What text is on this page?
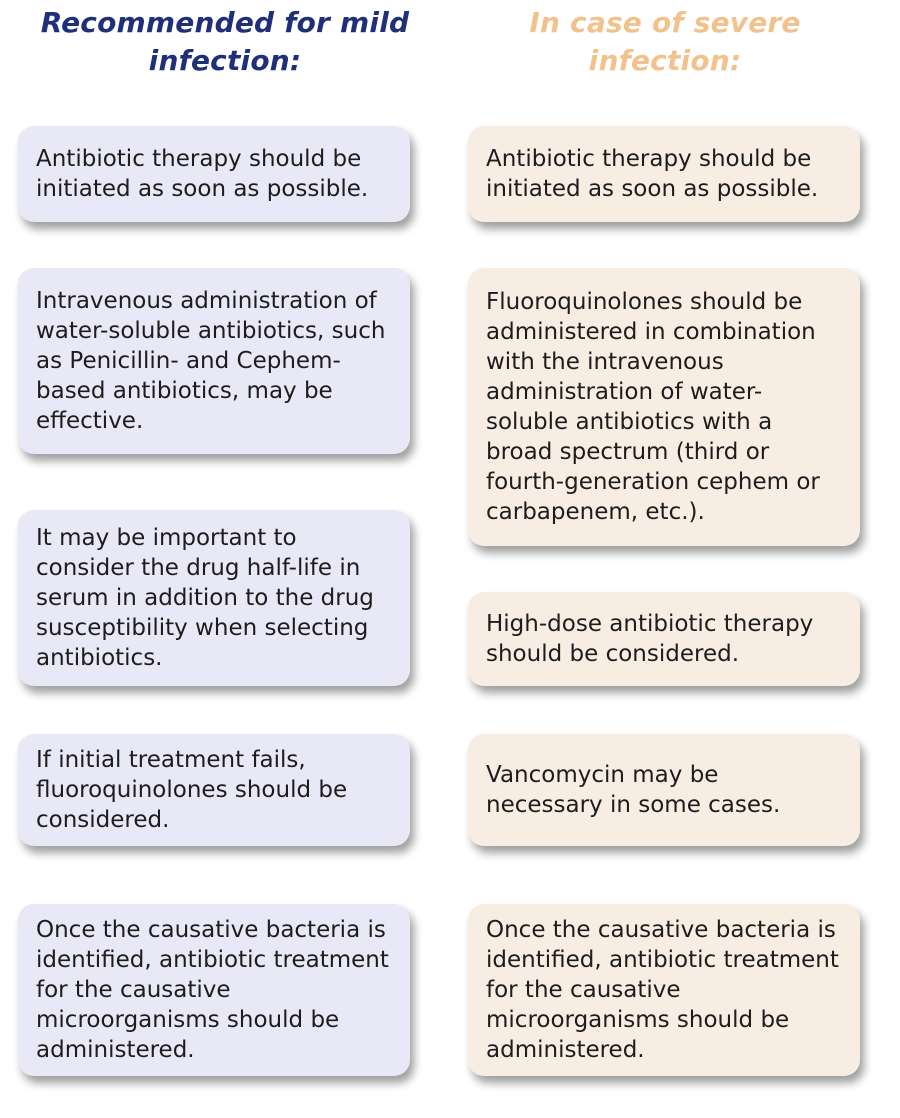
Recommended for mild infection:
In case of severe infection:
Antibiotic therapy should be initiated as soon as possible.
Intravenous administration of water-soluble antibiotics, such as Penicillin- and Cephem-based antibiotics, may be effective.
It may be important to consider the drug half-life in serum in addition to the drug susceptibility when selecting antibiotics.
If initial treatment fails, fluoroquinolones should be considered.
Once the causative bacteria is identified, antibiotic treatment for the causative microorganisms should be administered.
Antibiotic therapy should be initiated as soon as possible.
Fluoroquinolones should be administered in combination with the intravenous administration of water-soluble antibiotics with a broad spectrum (third or fourth-generation cephem or carbapenem, etc.).
High-dose antibiotic therapy should be considered.
Vancomycin may be necessary in some cases.
Once the causative bacteria is identified, antibiotic treatment for the causative microorganisms should be administered.
